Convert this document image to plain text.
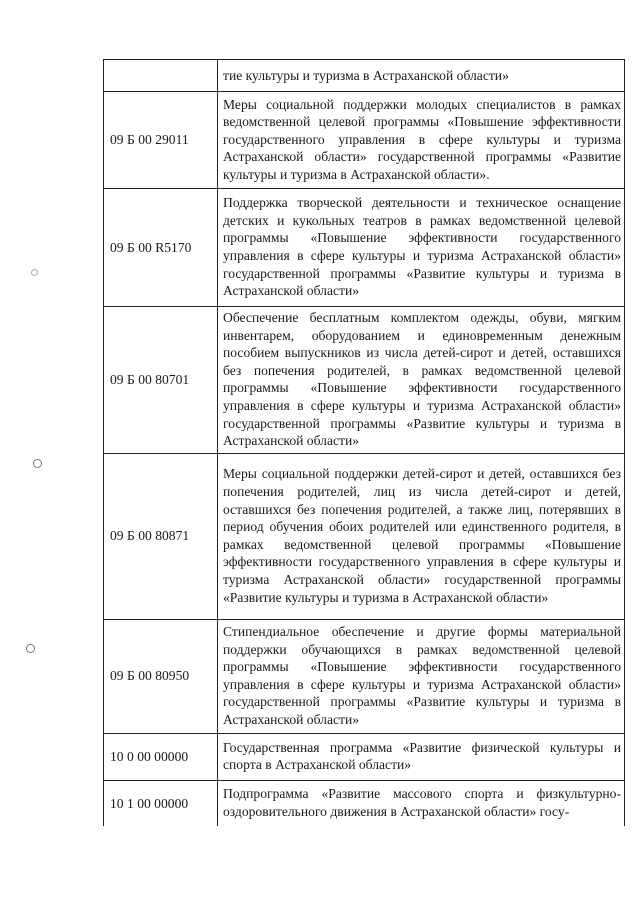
	тие культуры и туризма в Астраханской области»
09 Б 00 29011	Меры социальной поддержки молодых специалистов в рамках ведомственной целевой программы «Повышение эффективности государственного управления в сфере культуры и туризма Астраханской области» государственной программы «Развитие культуры и туризма в Астраханской области».
09 Б 00 R5170	Поддержка творческой деятельности и техническое оснащение детских и кукольных театров в рамках ведомственной целевой программы «Повышение эффективности государственного управления в сфере культуры и туризма Астраханской области» государственной программы «Развитие культуры и туризма в Астраханской области»
09 Б 00 80701	Обеспечение бесплатным комплектом одежды, обуви, мягким инвентарем, оборудованием и единовременным денежным пособием выпускников из числа детей-сирот и детей, оставшихся без попечения родителей, в рамках ведомственной целевой программы «Повышение эффективности государственного управления в сфере культуры и туризма Астраханской области» государственной программы «Развитие культуры и туризма в Астраханской области»
09 Б 00 80871	Меры социальной поддержки детей-сирот и детей, оставшихся без попечения родителей, лиц из числа детей-сирот и детей, оставшихся без попечения родителей, а также лиц, потерявших в период обучения обоих родителей или единственного родителя, в рамках ведомственной целевой программы «Повышение эффективности государственного управления в сфере культуры и туризма Астраханской области» государственной программы «Развитие культуры и туризма в Астраханской области»
09 Б 00 80950	Стипендиальное обеспечение и другие формы материальной поддержки обучающихся в рамках ведомственной целевой программы «Повышение эффективности государственного управления в сфере культуры и туризма Астраханской области» государственной программы «Развитие культуры и туризма в Астраханской области»
10 0 00 00000	Государственная программа «Развитие физической культуры и спорта в Астраханской области»
10 1 00 00000	Подпрограмма «Развитие массового спорта и физкультурно-оздоровительного движения в Астраханской области» госу-
